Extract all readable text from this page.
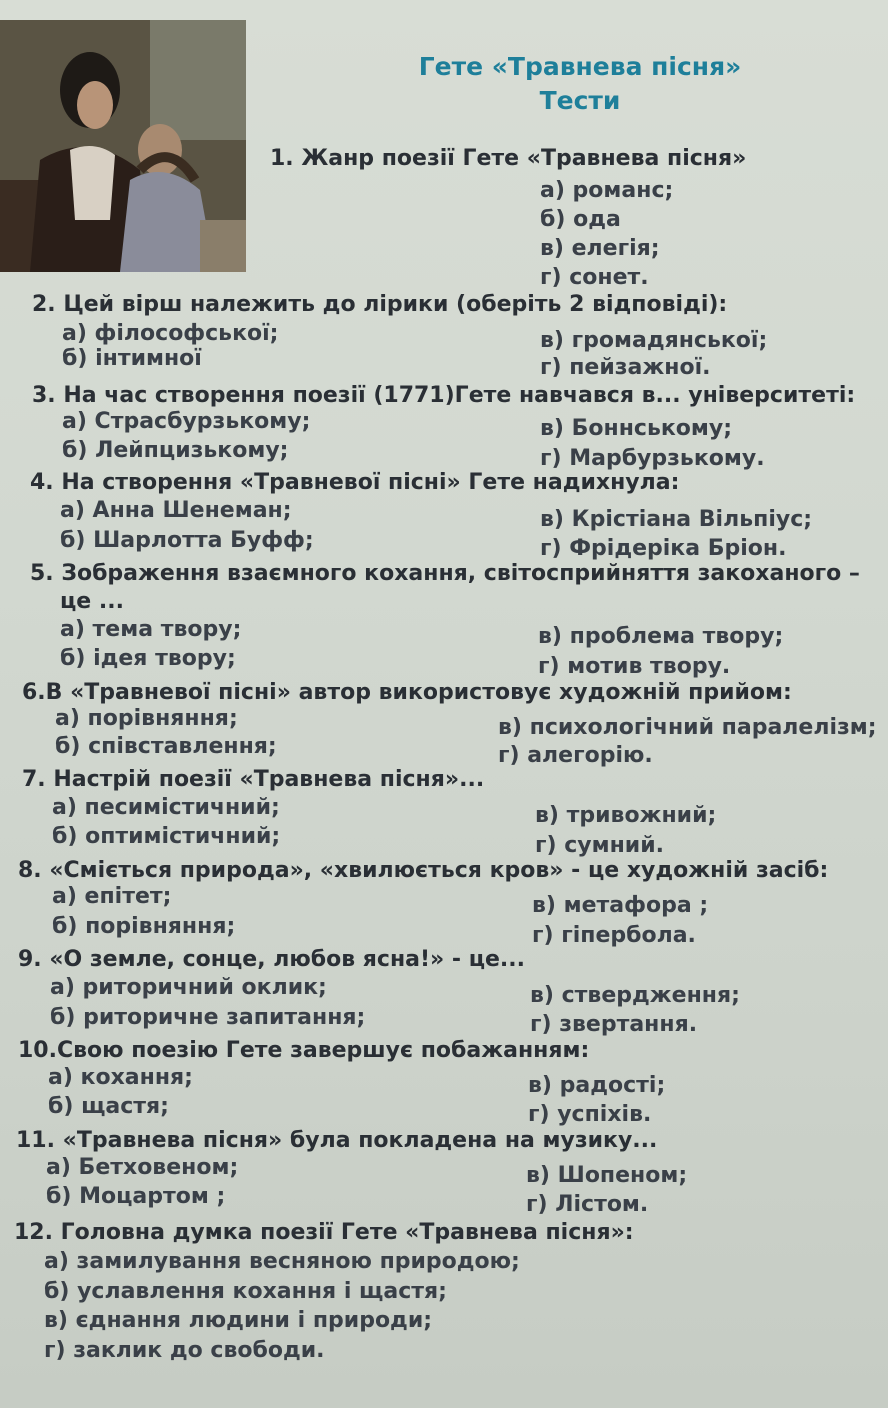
Гете «Травнева пісня»
Тести
1. Жанр поезії Гете «Травнева пісня»
а) романс;
б) ода
в) елегія;
г) сонет.
2. Цей вірш належить до лірики (оберіть 2 відповіді):
а) філософської;
б) інтимної
в) громадянської;
г) пейзажної.
3. На час створення поезії (1771)Гете навчався в... університеті:
а) Страсбурзькому;
б) Лейпцизькому;
в) Боннському;
г) Марбурзькому.
4. На створення «Травневої пісні» Гете надихнула:
а) Анна Шенеман;
б) Шарлотта Буфф;
в) Крістіана Вільпіус;
г) Фрідеріка Бріон.
5. Зображення взаємного кохання, світосприйняття закоханого –
це ...
а) тема твору;
б) ідея твору;
в) проблема твору;
г) мотив твору.
6.В «Травневої пісні» автор використовує художній прийом:
а) порівняння;
б) співставлення;
в) психологічний паралелізм;
г) алегорію.
7. Настрій поезії «Травнева пісня»...
а) песимістичний;
б) оптимістичний;
в) тривожний;
г) сумний.
8. «Сміється природа», «хвилюється кров» - це художній засіб:
а) епітет;
б) порівняння;
в) метафора ;
г) гіпербола.
9. «О земле, сонце, любов ясна!» - це...
а) риторичний оклик;
б) риторичне запитання;
в) ствердження;
г) звертання.
10.Свою поезію Гете завершує побажанням:
а) кохання;
б) щастя;
в) радості;
г) успіхів.
11. «Травнева пісня» була покладена на музику...
а) Бетховеном;
б) Моцартом ;
в) Шопеном;
г) Лістом.
12. Головна думка поезії Гете «Травнева пісня»:
а) замилування весняною природою;
б) уславлення кохання і щастя;
в) єднання людини і природи;
г) заклик до свободи.
